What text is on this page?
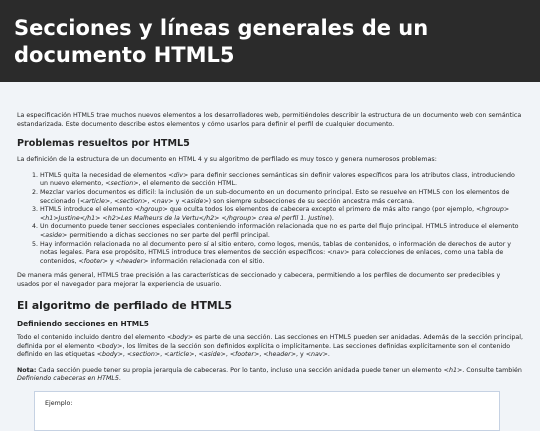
Secciones y líneas generales de un documento HTML5

La especificación HTML5 trae muchos nuevos elementos a los desarrolladores web, permitiéndoles describir la estructura de un documento web con semántica estandarizada. Este documento describe estos elementos y cómo usarlos para definir el perfil de cualquier documento.

Problemas resueltos por HTML5

La definición de la estructura de un documento en HTML 4 y su algoritmo de perfilado es muy tosco y genera numerosos problemas:

1. HTML5 quita la necesidad de elementos <div> para definir secciones semánticas sin definir valores específicos para los atributos class, introduciendo un nuevo elemento, <section>, el elemento de sección HTML.
2. Mezclar varios documentos es difícil: la inclusión de un sub-documento en un documento principal. Esto se resuelve en HTML5 con los elementos de seccionado (<article>, <section>, <nav> y <aside>) son siempre subsecciones de su sección ancestra más cercana.
3. HTML5 introduce el elemento <hgroup> que oculta todos los elementos de cabecera excepto el primero de más alto rango (por ejemplo, <hgroup><h1>Justine</h1> <h2>Les Malheurs de la Vertu</h2> </hgroup> crea el perfil 1. Justine).
4. Un documento puede tener secciones especiales conteniendo información relacionada que no es parte del flujo principal. HTML5 introduce el elemento <aside> permitiendo a dichas secciones no ser parte del perfil principal.
5. Hay información relacionada no al documento pero sí al sitio entero, como logos, menús, tablas de contenidos, o información de derechos de autor y notas legales. Para ese propósito, HTML5 introduce tres elementos de sección específicos: <nav> para colecciones de enlaces, como una tabla de contenidos, <footer> y <header> información relacionada con el sitio.

De manera más general, HTML5 trae precisión a las características de seccionado y cabecera, permitiendo a los perfiles de documento ser predecibles y usados por el navegador para mejorar la experiencia de usuario.

El algoritmo de perfilado de HTML5
Definiendo secciones en HTML5

Todo el contenido incluido dentro del elemento <body> es parte de una sección. Las secciones en HTML5 pueden ser anidadas. Además de la sección principal, definida por el elemento <body>, los límites de la sección son definidos explícita o implícitamente. Las secciones definidas explícitamente son el contenido definido en las etiquetas <body>, <section>, <article>, <aside>, <footer>, <header>, y <nav>.

Nota: Cada sección puede tener su propia jerarquía de cabeceras. Por lo tanto, incluso una sección anidada puede tener un elemento <h1>. Consulte también Definiendo cabeceras en HTML5.

Ejemplo:
